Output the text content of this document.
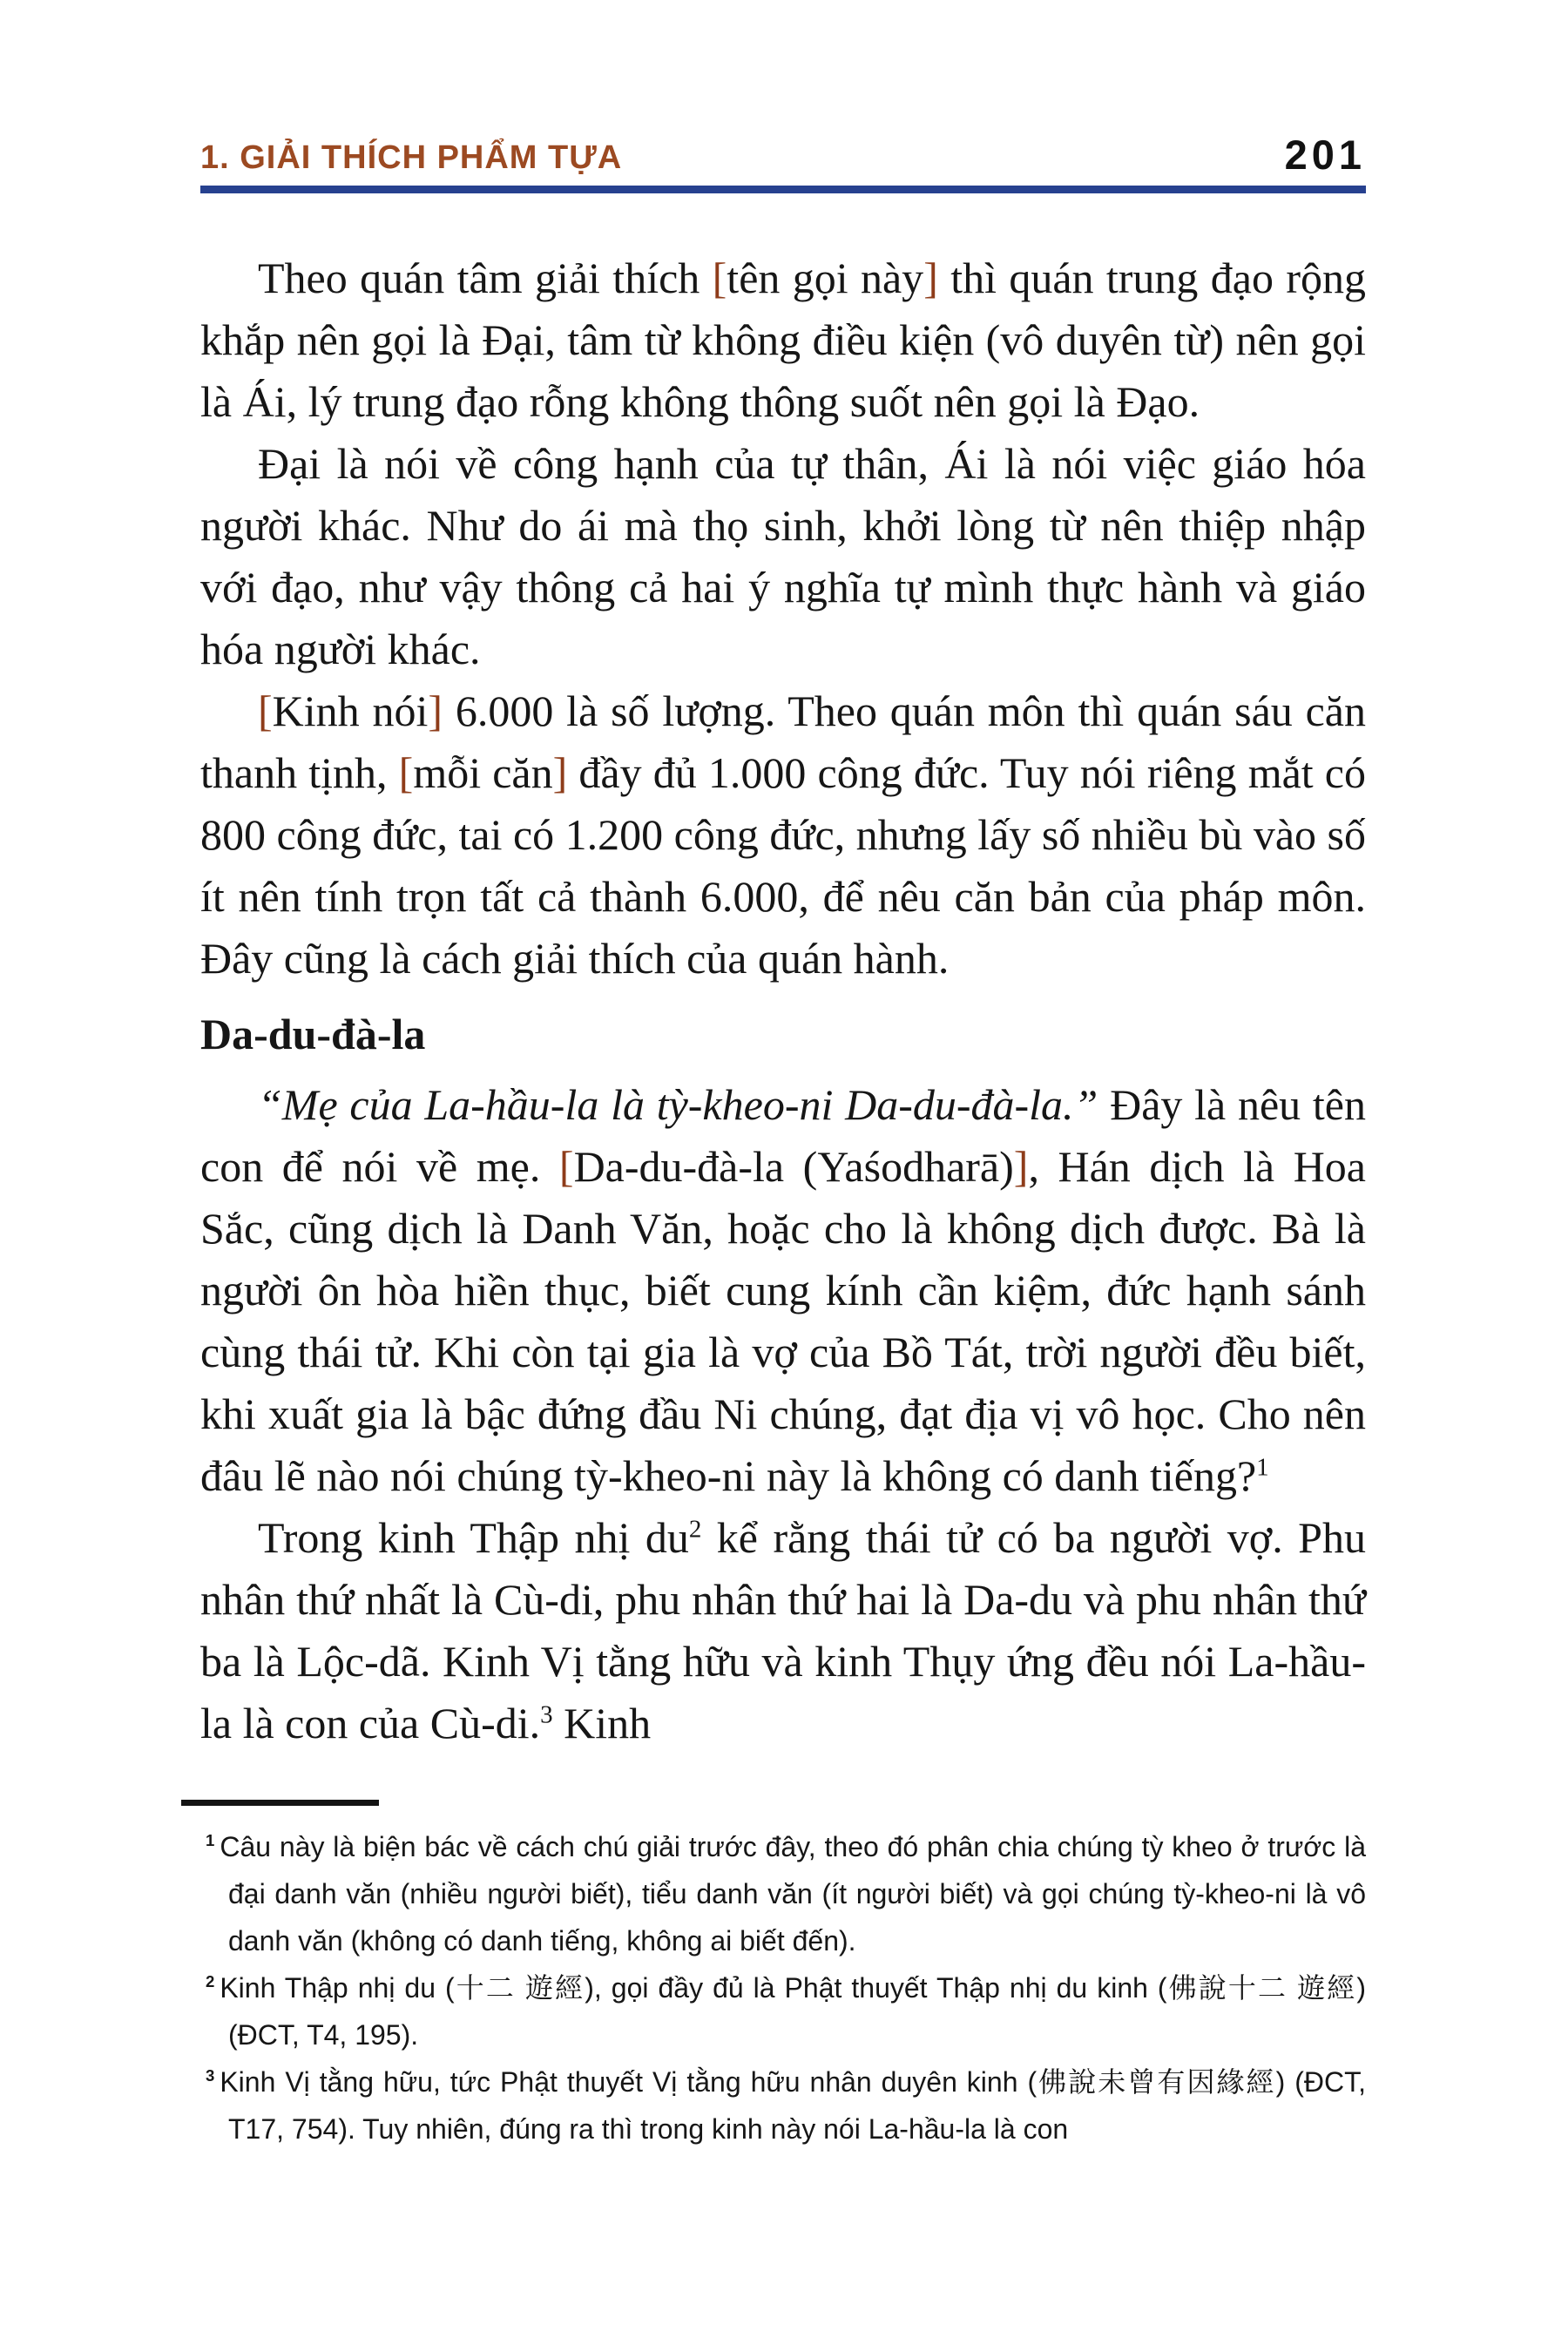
1. GIẢI THÍCH PHẨM TỰA	201

Theo quán tâm giải thích [tên gọi này] thì quán trung đạo rộng khắp nên gọi là Đại, tâm từ không điều kiện (vô duyên từ) nên gọi là Ái, lý trung đạo rỗng không thông suốt nên gọi là Đạo.

Đại là nói về công hạnh của tự thân, Ái là nói việc giáo hóa người khác. Như do ái mà thọ sinh, khởi lòng từ nên thiệp nhập với đạo, như vậy thông cả hai ý nghĩa tự mình thực hành và giáo hóa người khác.

[Kinh nói] 6.000 là số lượng. Theo quán môn thì quán sáu căn thanh tịnh, [mỗi căn] đầy đủ 1.000 công đức. Tuy nói riêng mắt có 800 công đức, tai có 1.200 công đức, nhưng lấy số nhiều bù vào số ít nên tính trọn tất cả thành 6.000, để nêu căn bản của pháp môn. Đây cũng là cách giải thích của quán hành.

Da-du-đà-la

“Mẹ của La-hầu-la là tỳ-kheo-ni Da-du-đà-la.” Đây là nêu tên con để nói về mẹ. [Da-du-đà-la (Yaśodharā)], Hán dịch là Hoa Sắc, cũng dịch là Danh Văn, hoặc cho là không dịch được. Bà là người ôn hòa hiền thục, biết cung kính cần kiệm, đức hạnh sánh cùng thái tử. Khi còn tại gia là vợ của Bồ Tát, trời người đều biết, khi xuất gia là bậc đứng đầu Ni chúng, đạt địa vị vô học. Cho nên đâu lẽ nào nói chúng tỳ-kheo-ni này là không có danh tiếng?$^1$

Trong kinh Thập nhị $du^2$ kể rằng thái tử có ba người vợ. Phu nhân thứ nhất là Cù-di, phu nhân thứ hai là Da-du và phu nhân thứ ba là Lộc-dã. Kinh Vị tằng hữu và kinh Thụy ứng đều nói La-hầu-la là con của Cù-di.$^3$ Kinh

$^1$ Câu này là biện bác về cách chú giải trước đây, theo đó phân chia chúng tỳ kheo ở trước là đại danh văn (nhiều người biết), tiểu danh văn (ít người biết) và gọi chúng tỳ-kheo-ni là vô danh văn (không có danh tiếng, không ai biết đến).

$^2$ Kinh Thập nhị du (十二 遊經), gọi đầy đủ là Phật thuyết Thập nhị du kinh (佛說十二 遊經) (ĐCT, T4, 195).

$^3$ Kinh Vị tằng hữu, tức Phật thuyết Vị tằng hữu nhân duyên kinh (佛說未曾有因緣經) (ĐCT, T17, 754). Tuy nhiên, đúng ra thì trong kinh này nói La-hầu-la là con
